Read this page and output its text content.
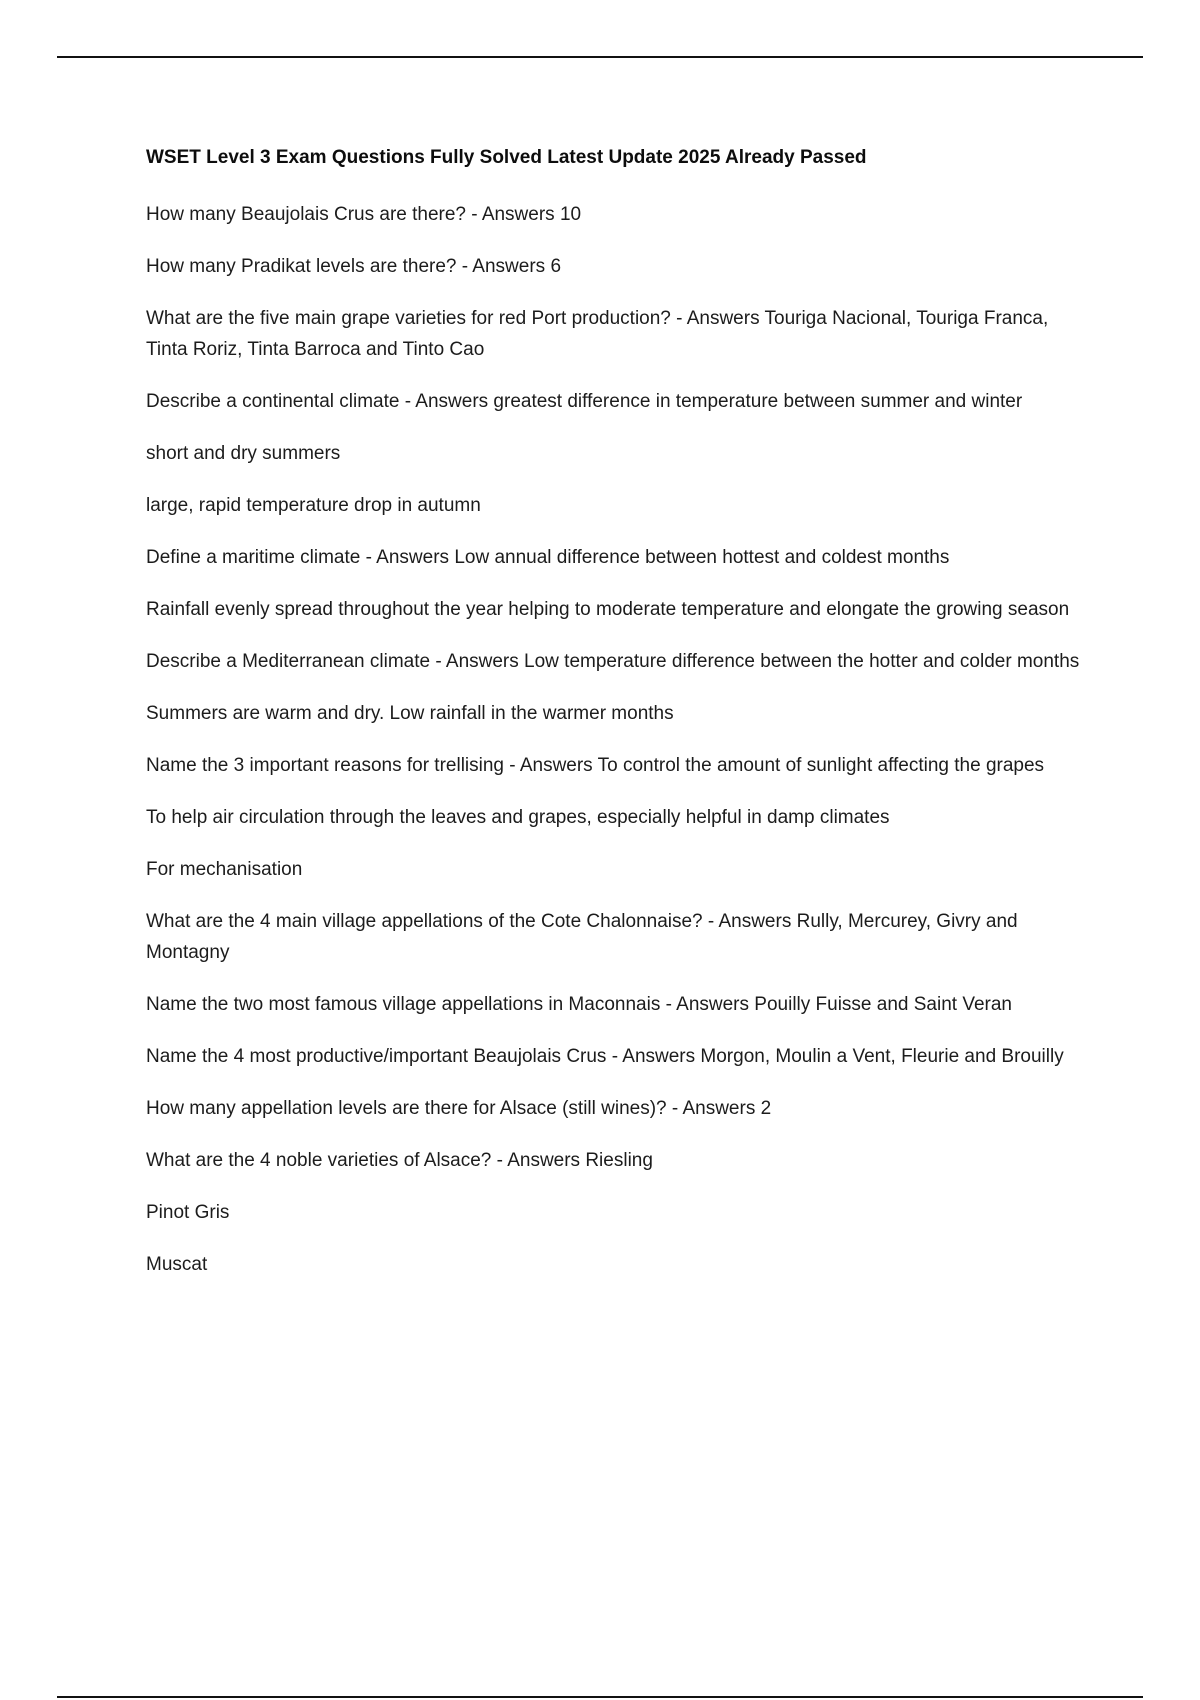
WSET Level 3 Exam Questions Fully Solved Latest Update 2025 Already Passed

How many Beaujolais Crus are there? - Answers 10

How many Pradikat levels are there? - Answers 6

What are the five main grape varieties for red Port production? - Answers Touriga Nacional, Touriga Franca, Tinta Roriz, Tinta Barroca and Tinto Cao

Describe a continental climate - Answers greatest difference in temperature between summer and winter

short and dry summers

large, rapid temperature drop in autumn

Define a maritime climate - Answers Low annual difference between hottest and coldest months

Rainfall evenly spread throughout the year helping to moderate temperature and elongate the growing season

Describe a Mediterranean climate - Answers Low temperature difference between the hotter and colder months

Summers are warm and dry. Low rainfall in the warmer months

Name the 3 important reasons for trellising - Answers To control the amount of sunlight affecting the grapes

To help air circulation through the leaves and grapes, especially helpful in damp climates

For mechanisation

What are the 4 main village appellations of the Cote Chalonnaise? - Answers Rully, Mercurey, Givry and Montagny

Name the two most famous village appellations in Maconnais - Answers Pouilly Fuisse and Saint Veran

Name the 4 most productive/important Beaujolais Crus - Answers Morgon, Moulin a Vent, Fleurie and Brouilly

How many appellation levels are there for Alsace (still wines)? - Answers 2

What are the 4 noble varieties of Alsace? - Answers Riesling

Pinot Gris

Muscat
